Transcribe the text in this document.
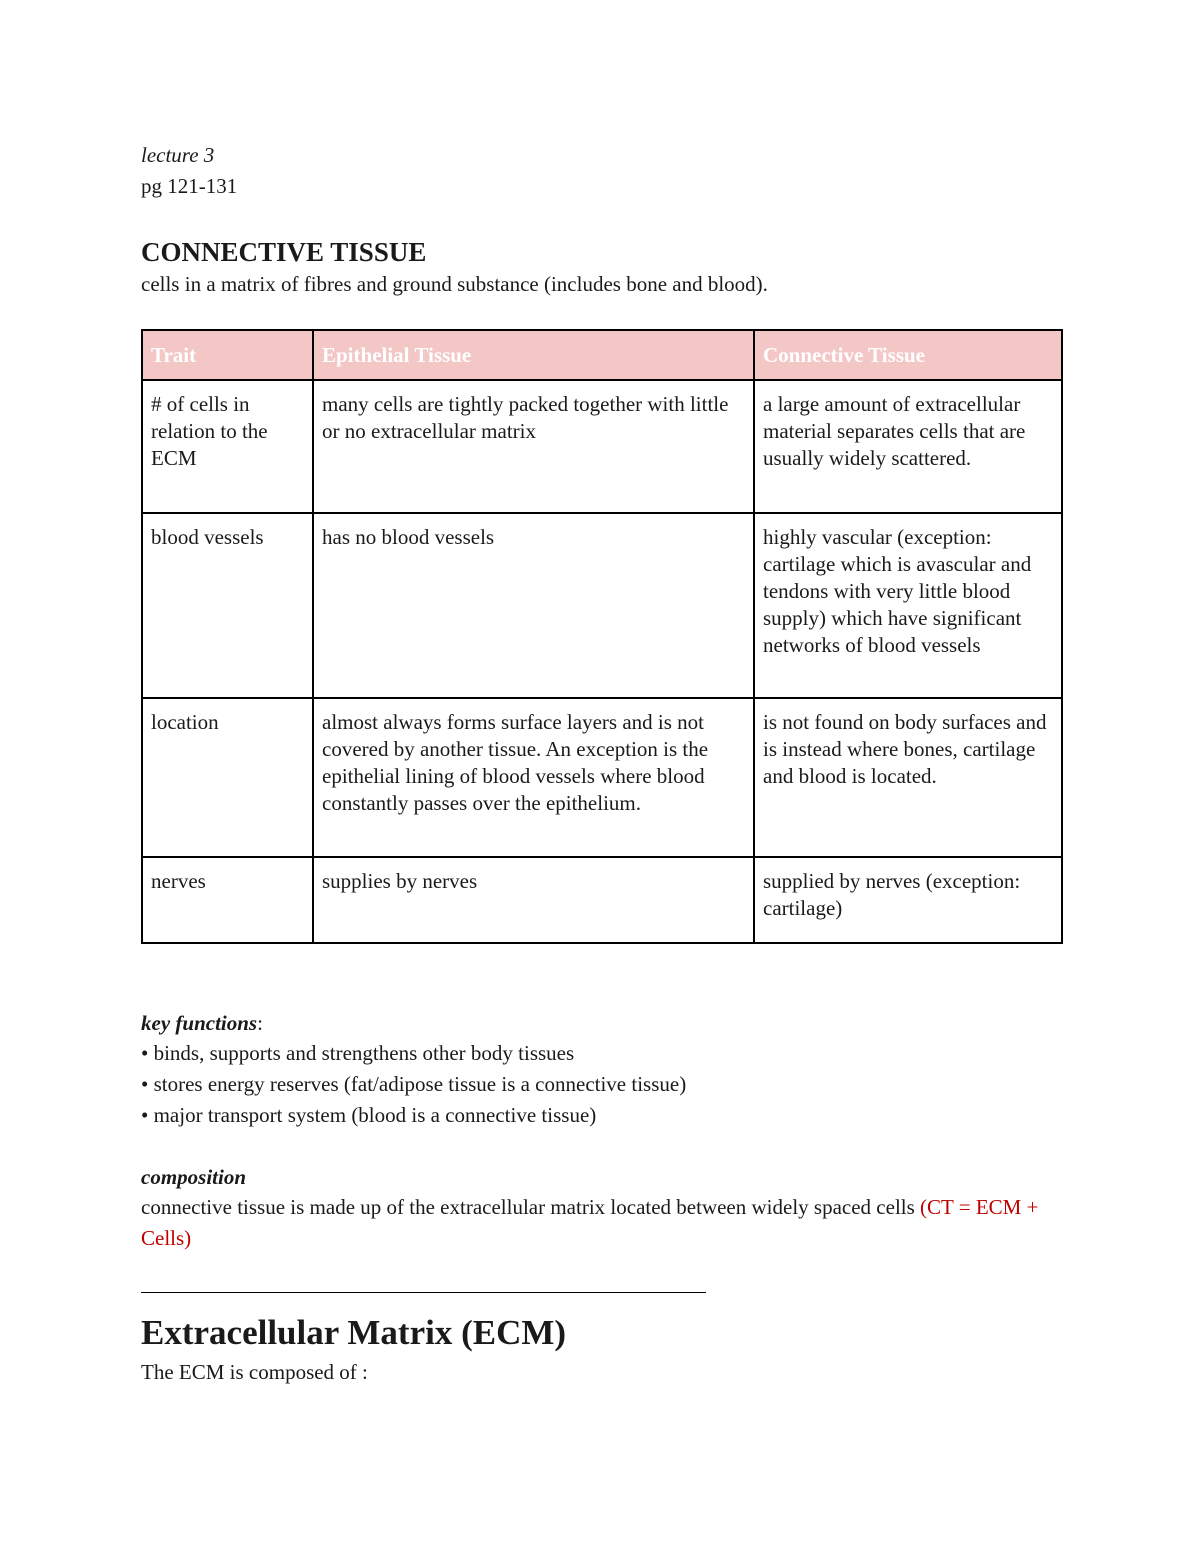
lecture 3
pg 121-131
CONNECTIVE TISSUE
cells in a matrix of fibres and ground substance (includes bone and blood).
Trait	Epithelial Tissue	Connective Tissue
# of cells in relation to the ECM	many cells are tightly packed together with little or no extracellular matrix	a large amount of extracellular material separates cells that are usually widely scattered.
blood vessels	has no blood vessels	highly vascular (exception: cartilage which is avascular and tendons with very little blood supply) which have significant networks of blood vessels
location	almost always forms surface layers and is not covered by another tissue. An exception is the epithelial lining of blood vessels where blood constantly passes over the epithelium.	is not found on body surfaces and is instead where bones, cartilage and blood is located.
nerves	supplies by nerves	supplied by nerves (exception: cartilage)
key functions:
• binds, supports and strengthens other body tissues
• stores energy reserves (fat/adipose tissue is a connective tissue)
• major transport system (blood is a connective tissue)
composition
connective tissue is made up of the extracellular matrix located between widely spaced cells (CT = ECM + Cells)
Extracellular Matrix (ECM)
The ECM is composed of :
